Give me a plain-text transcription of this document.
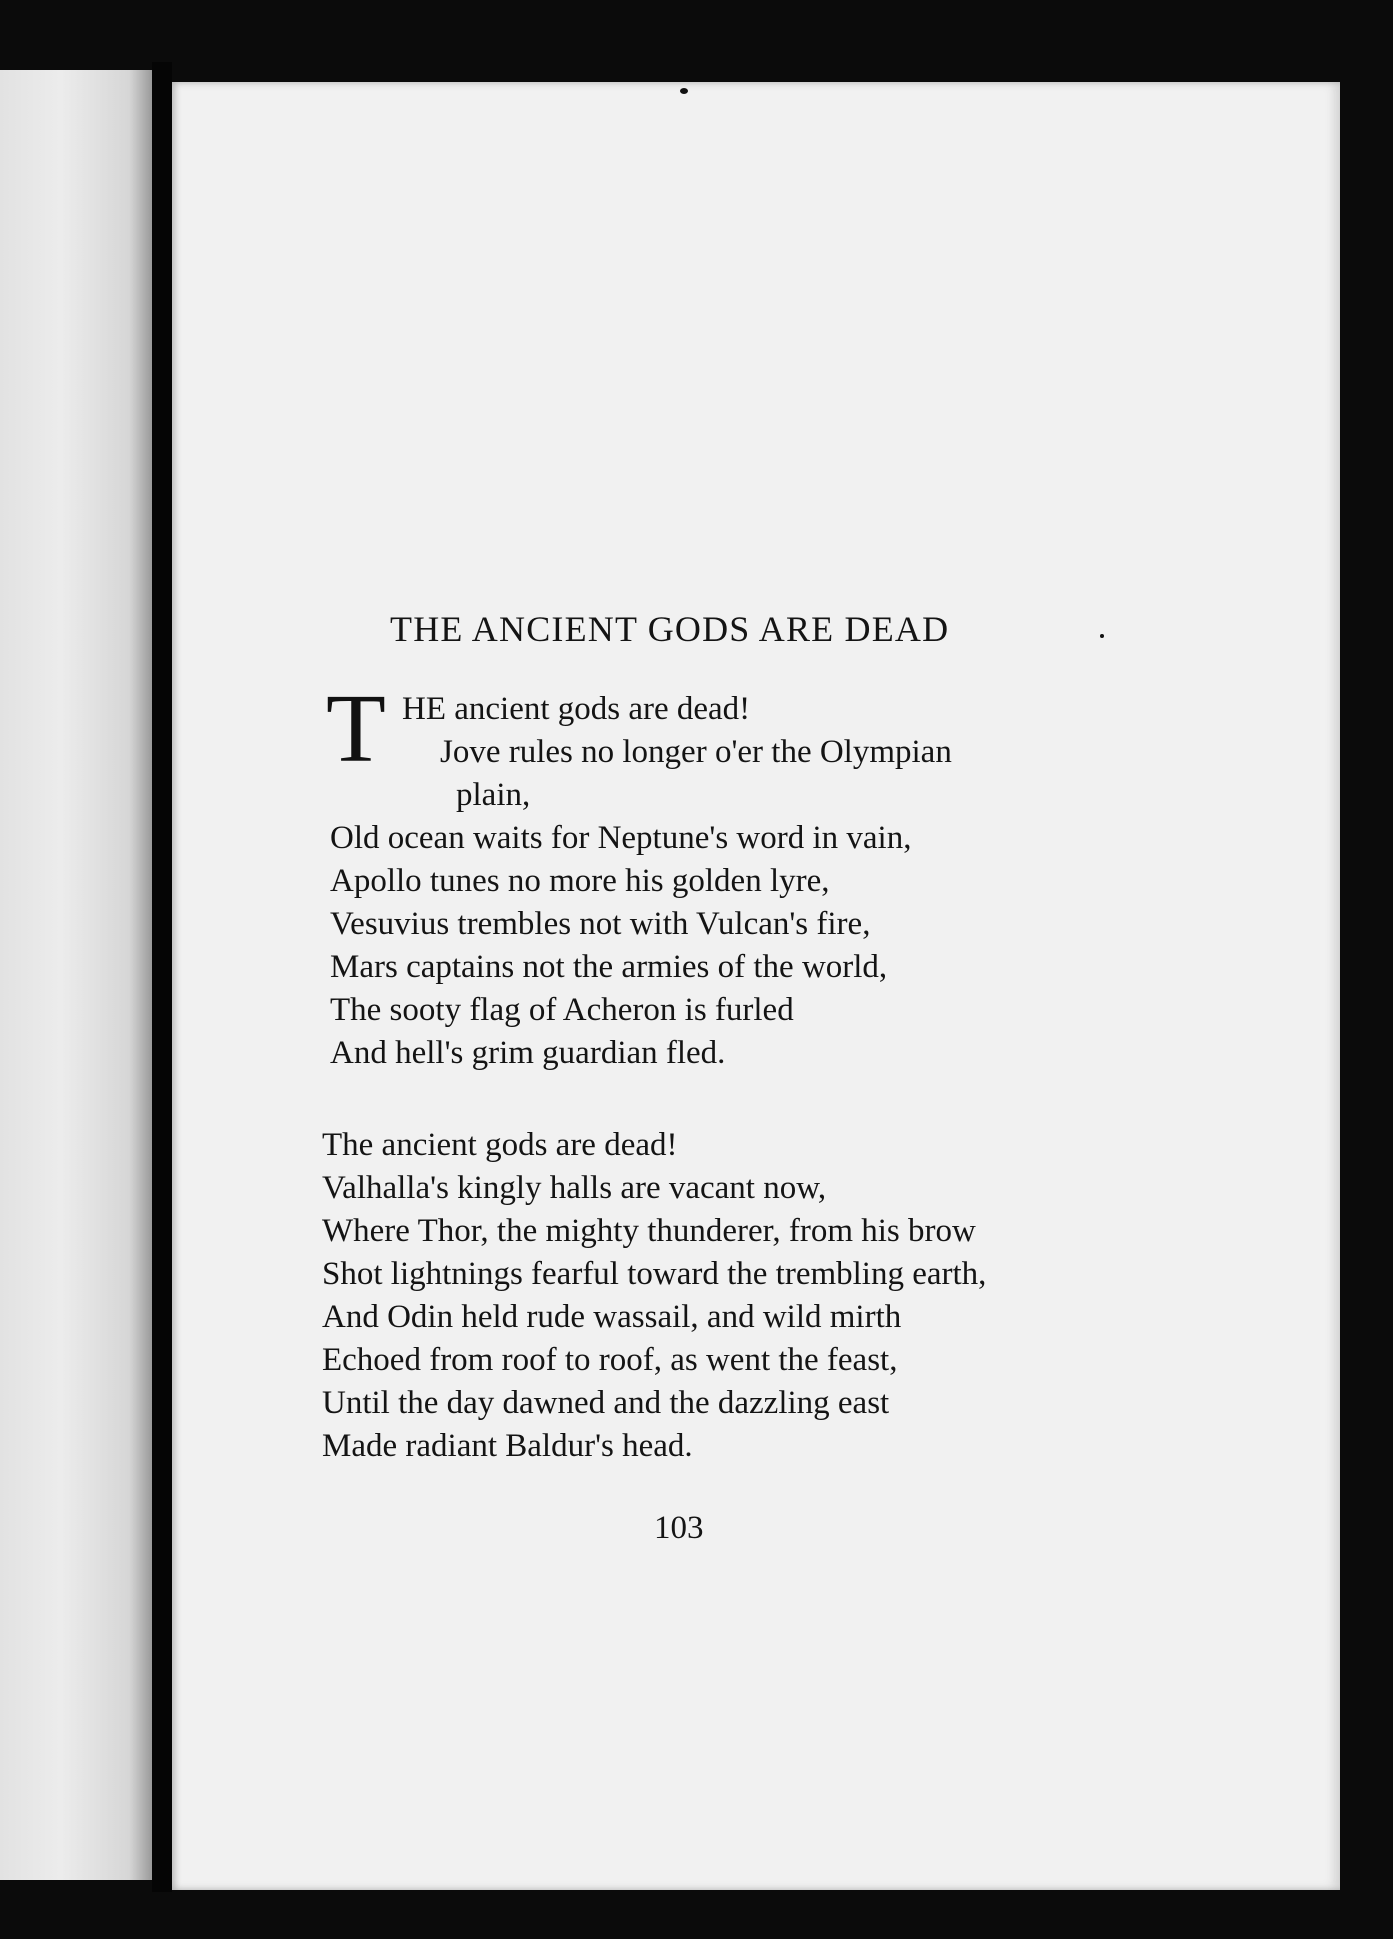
THE ANCIENT GODS ARE DEAD
T HE ancient gods are dead!
Jove rules no longer o'er the Olympian
plain,
Old ocean waits for Neptune's word in vain,
Apollo tunes no more his golden lyre,
Vesuvius trembles not with Vulcan's fire,
Mars captains not the armies of the world,
The sooty flag of Acheron is furled
And hell's grim guardian fled.
The ancient gods are dead!
Valhalla's kingly halls are vacant now,
Where Thor, the mighty thunderer, from his brow
Shot lightnings fearful toward the trembling earth,
And Odin held rude wassail, and wild mirth
Echoed from roof to roof, as went the feast,
Until the day dawned and the dazzling east
Made radiant Baldur's head.
103
